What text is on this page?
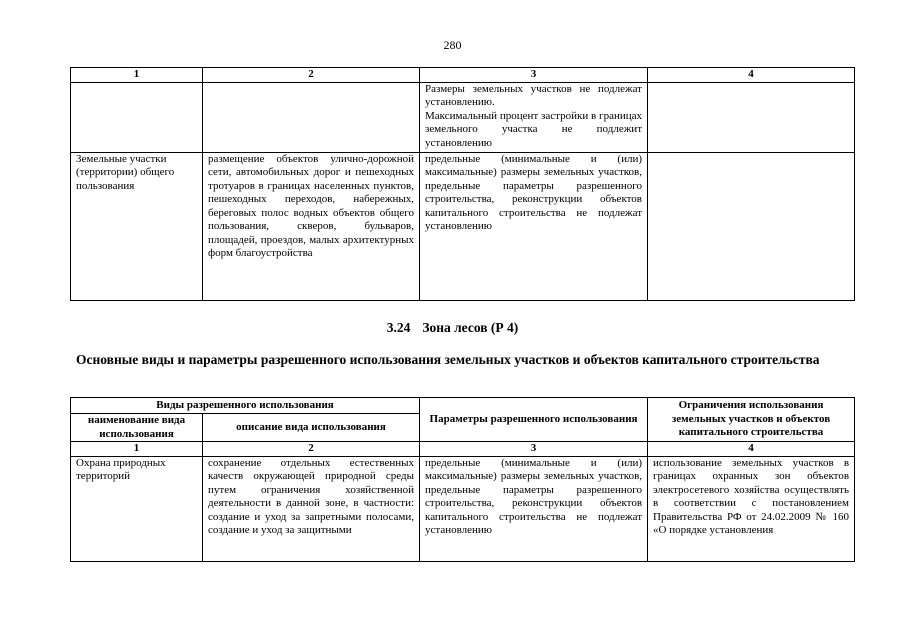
280
1	2	3	4

		Размеры земельных участков не подлежат установлению.
Максимальный процент застройки в границах земельного участка не подлежит установлению	

Земельные участки (территории) общего пользования	размещение объектов улично-дорожной сети, автомобильных дорог и пешеходных тротуаров в границах населенных пунктов, пешеходных переходов, набережных, береговых полос водных объектов общего пользования, скверов, бульваров, площадей, проездов, малых архитектурных форм благоустройства	предельные (минимальные и (или) максимальные) размеры земельных участков, предельные параметры разрешенного строительства, реконструкции объектов капитального строительства не подлежат установлению	
3.24 Зона лесов (Р 4)
Основные виды и параметры разрешенного использования земельных участков и объектов капитального строительства
Виды разрешенного использования		Параметры разрешенного использования	Ограничения использования земельных участков и объектов капитального строительства
наименование вида использования	описание вида использования		
1	2	3	4
Охрана природных территорий	сохранение отдельных естественных качеств окружающей природной среды путем ограничения хозяйственной деятельности в данной зоне, в частности: создание и уход за запретными полосами, создание и уход за защитными	предельные (минимальные и (или) максимальные) размеры земельных участков, предельные параметры разрешенного строительства, реконструкции объектов капитального строительства не подлежат установлению	использование земельных участков в границах охранных зон объектов электросетевого хозяйства осуществлять в соответствии с постановлением Правительства РФ от 24.02.2009 № 160 «О порядке установления
